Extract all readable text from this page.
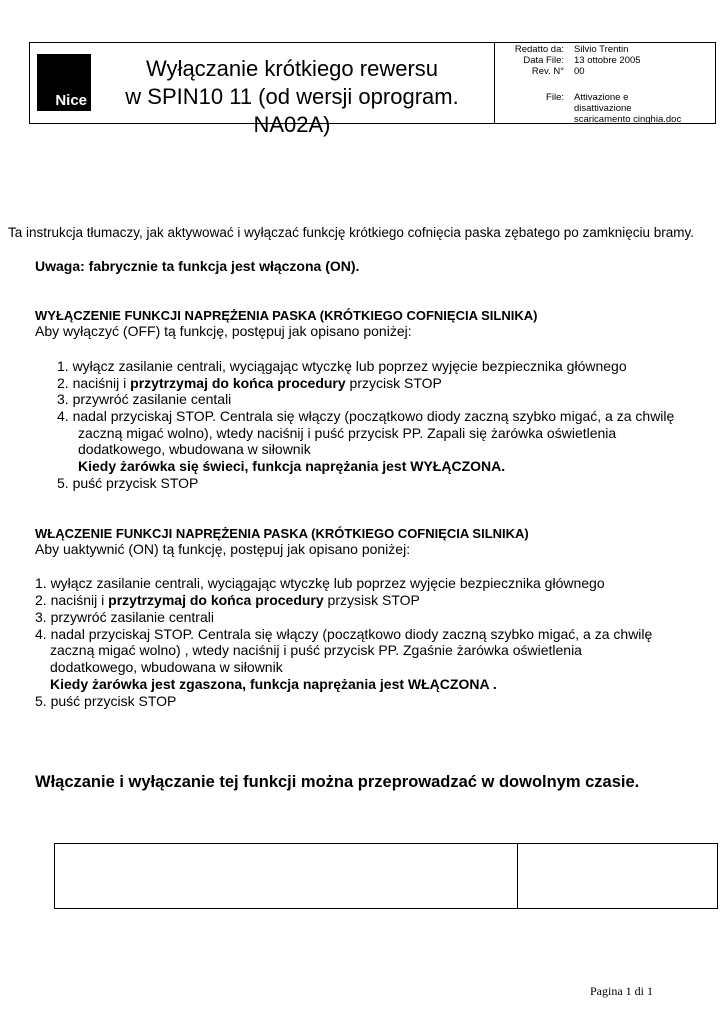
Nice
Wyłączanie krótkiego rewersu
w SPIN10 11 (od wersji oprogram. NA02A)
Redatto da: Silvio Trentin
Data File: 13 ottobre 2005
Rev. N° 00
File: Attivazione e
disattivazione
scaricamento cinghia.doc
Ta instrukcja tłumaczy, jak aktywować i wyłączać funkcję krótkiego cofnięcia paska zębatego po zamknięciu bramy.
Uwaga: fabrycznie ta funkcja jest włączona (ON).
WYŁĄCZENIE FUNKCJI NAPRĘŻENIA PASKA (KRÓTKIEGO COFNIĘCIA SILNIKA)
Aby wyłączyć (OFF) tą funkcję, postępuj jak opisano poniżej:
1. wyłącz zasilanie centrali, wyciągając wtyczkę lub poprzez wyjęcie bezpiecznika głównego
2. naciśnij i przytrzymaj do końca procedury przycisk STOP
3. przywróć zasilanie centali
4. nadal przyciskaj STOP. Centrala się włączy (początkowo diody zaczną szybko migać, a za chwilę
zaczną migać wolno), wtedy naciśnij i puść przycisk PP. Zapali się żarówka oświetlenia
dodatkowego, wbudowana w siłownik
Kiedy żarówka się świeci, funkcja naprężania jest WYŁĄCZONA.
5. puść przycisk STOP
WŁĄCZENIE FUNKCJI NAPRĘŻENIA PASKA (KRÓTKIEGO COFNIĘCIA SILNIKA)
Aby uaktywnić (ON) tą funkcję, postępuj jak opisano poniżej:
1. wyłącz zasilanie centrali, wyciągając wtyczkę lub poprzez wyjęcie bezpiecznika głównego
2. naciśnij i przytrzymaj do końca procedury przysisk STOP
3. przywróć zasilanie centrali
4. nadal przyciskaj STOP. Centrala się włączy (początkowo diody zaczną szybko migać, a za chwilę
zaczną migać wolno) , wtedy naciśnij i puść przycisk PP. Zgaśnie żarówka oświetlenia
dodatkowego, wbudowana w siłownik
Kiedy żarówka jest zgaszona, funkcja naprężania jest WŁĄCZONA .
5. puść przycisk STOP
Włączanie i wyłączanie tej funkcji można przeprowadzać w dowolnym czasie.
Pagina 1 di 1
